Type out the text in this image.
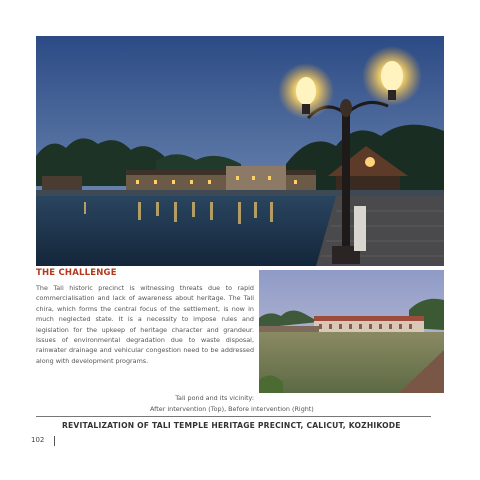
THE CHALLENGE
The Tali historic precinct is witnessing threats due to rapid commercialisation and lack of awareness about heritage. The Tali chira, which forms the central focus of the settlement, is now in much neglected state. It is a necessity to impose rules and legislation for the upkeep of heritage character and grandeur. Issues of environmental degradation due to waste disposal, rainwater drainage and vehicular congestion need to be addressed along with development programs.
Tali pond and its vicinity:
After intervention (Top), Before intervention (Right)
REVITALIZATION OF TALI TEMPLE HERITAGE PRECINCT, CALICUT, KOZHIKODE
102
